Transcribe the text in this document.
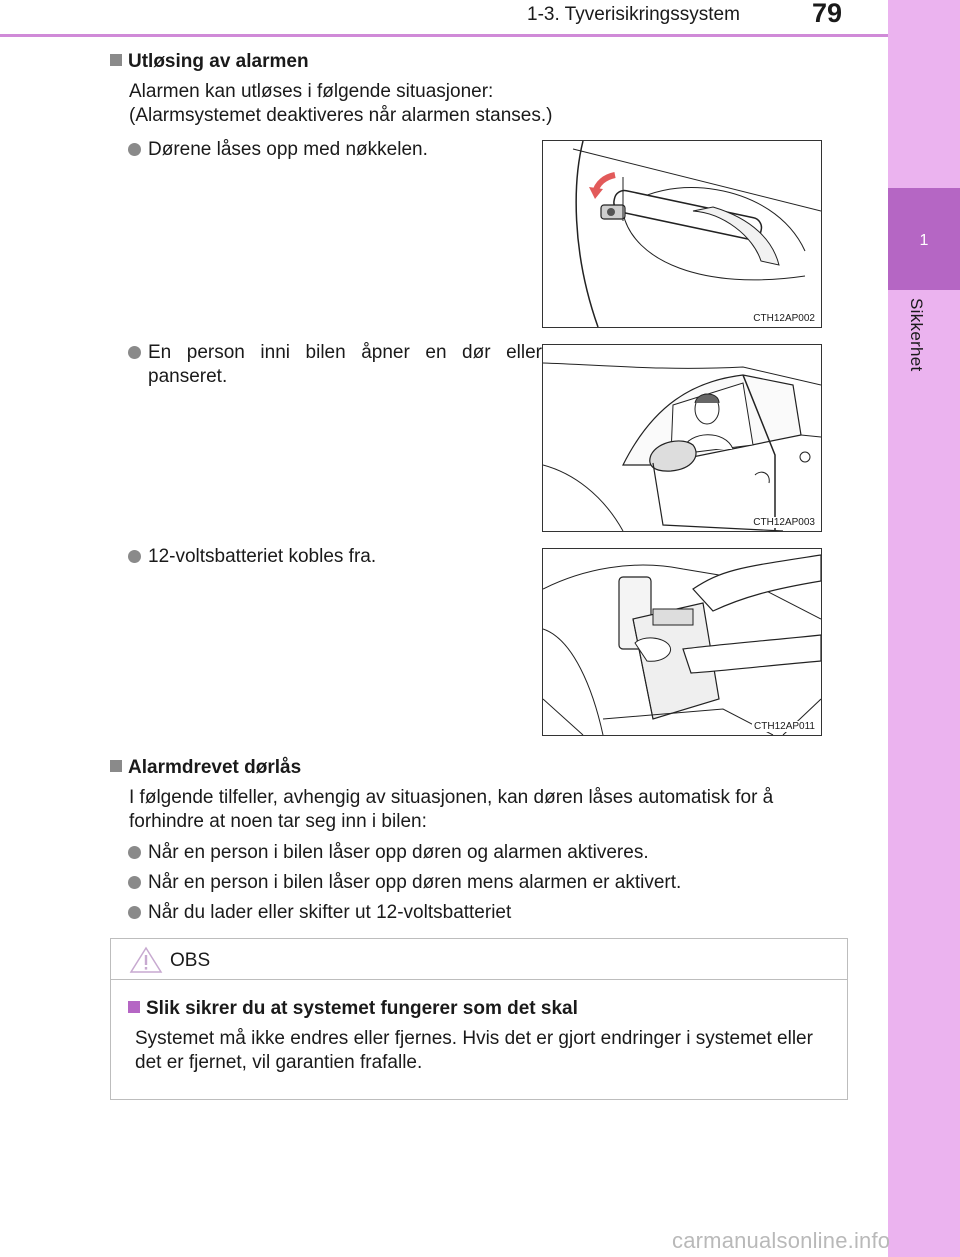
1-3. Tyverisikringssystem	79
1
Sikkerhet
Utløsing av alarmen
Alarmen kan utløses i følgende situasjoner:
(Alarmsystemet deaktiveres når alarmen stanses.)
Dørene låses opp med nøkkelen.
En person inni bilen åpner en dør eller panseret.
12-voltsbatteriet kobles fra.
CTH12AP002
CTH12AP003
CTH12AP011
Alarmdrevet dørlås
I følgende tilfeller, avhengig av situasjonen, kan døren låses automatisk for å forhindre at noen tar seg inn i bilen:
Når en person i bilen låser opp døren og alarmen aktiveres.
Når en person i bilen låser opp døren mens alarmen er aktivert.
Når du lader eller skifter ut 12-voltsbatteriet
OBS
Slik sikrer du at systemet fungerer som det skal
Systemet må ikke endres eller fjernes. Hvis det er gjort endringer i systemet eller det er fjernet, vil garantien frafalle.
carmanualsonline.info
